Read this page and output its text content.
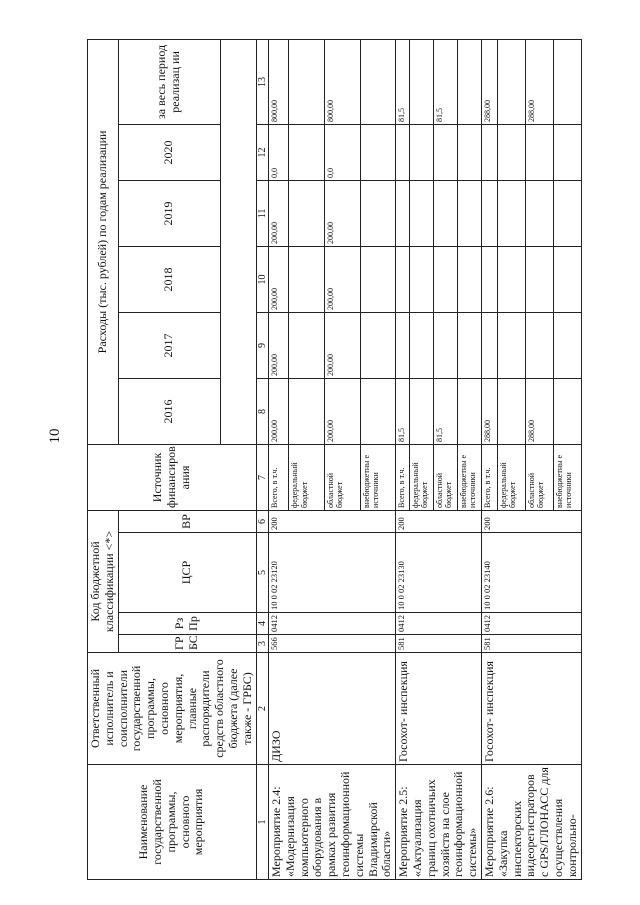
10
Наименование государственной программы, основного мероприятия	Ответственный исполнитель и соисполнители государственной программы, основного мероприятия, главные распорядители средств областного бюджета (далее также - ГРБС)	Код бюджетной классификации <*>				Источник финансиров ания	Расходы (тыс. рублей) по годам реализации					
		ГР БС	Рз Пр	ЦСР	ВР		2016	2017	2018	2019	2020	за весь период реализац ии

1	2	3	4	5	6	7	8	9	10	11	12	13
Мероприятие 2.4: «Модернизация компьютерного оборудования в рамках развития геоинформационной системы Владимирской области»	ДИЗО	566	0412	10 0 02 23120	200	Всего, в т.ч.	200,00	200,00	200,00	200,00	0,0	800,00
						федеральный бюджет						
						областной бюджет	200,00	200,00	200,00	200,00	0,0	800,00
						внебюджетны е источники						
Мероприятие 2.5: «Актуализация границ охотничьих хозяйств на слое геоинформационной системы»	Госохот- инспекция	581	0412	10 0 02 23130	200	Всего, в т.ч.	81,5					81,5
						федеральный бюджет						
						областной бюджет	81,5					81,5
						внебюджетны е источники						
Мероприятие 2.6: «Закупка инспекторских видеорегистраторов с GPS/ГЛОНАСС для осуществления контрольно-	Госохот- инспекция	581	0412	10 0 02 23140	200	Всего, в т.ч.	288,00					288,00
						федеральный бюджет						
						областной бюджет	288,00					288,00
						внебюджетны е источники						
